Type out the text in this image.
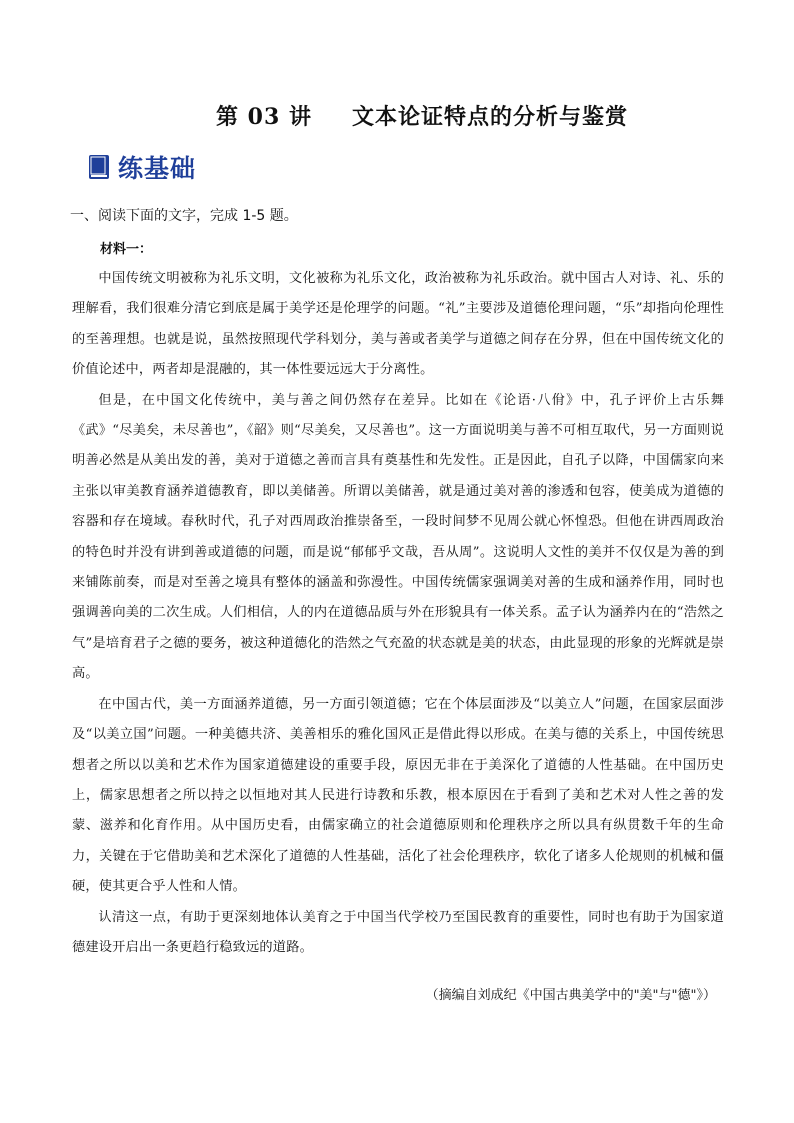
第 03 讲 文本论证特点的分析与鉴赏
练基础
一、阅读下面的文字，完成 1-5 题。
材料一：

中国传统文明被称为礼乐文明，文化被称为礼乐文化，政治被称为礼乐政治。就中国古人对诗、礼、乐的理解看，我们很难分清它到底是属于美学还是伦理学的问题。“礼”主要涉及道德伦理问题，“乐”却指向伦理性的至善理想。也就是说，虽然按照现代学科划分，美与善或者美学与道德之间存在分界，但在中国传统文化的价值论述中，两者却是混融的，其一体性要远远大于分离性。

但是，在中国文化传统中，美与善之间仍然存在差异。比如在《论语·八佾》中，孔子评价上古乐舞《武》“尽美矣，未尽善也”，《韶》则“尽美矣，又尽善也”。这一方面说明美与善不可相互取代，另一方面则说明善必然是从美出发的善，美对于道德之善而言具有奠基性和先发性。正是因此，自孔子以降，中国儒家向来主张以审美教育涵养道德教育，即以美储善。所谓以美储善，就是通过美对善的渗透和包容，使美成为道德的容器和存在境域。春秋时代，孔子对西周政治推崇备至，一段时间梦不见周公就心怀惶恐。但他在讲西周政治的特色时并没有讲到善或道德的问题，而是说“郁郁乎文哉，吾从周”。这说明人文性的美并不仅仅是为善的到来铺陈前奏，而是对至善之境具有整体的涵盖和弥漫性。中国传统儒家强调美对善的生成和涵养作用，同时也强调善向美的二次生成。人们相信，人的内在道德品质与外在形貌具有一体关系。孟子认为涵养内在的“浩然之气”是培育君子之德的要务，被这种道德化的浩然之气充盈的状态就是美的状态，由此显现的形象的光辉就是崇高。

在中国古代，美一方面涵养道德，另一方面引领道德；它在个体层面涉及“以美立人”问题，在国家层面涉及“以美立国”问题。一种美德共济、美善相乐的雅化国风正是借此得以形成。在美与德的关系上，中国传统思想者之所以以美和艺术作为国家道德建设的重要手段，原因无非在于美深化了道德的人性基础。在中国历史上，儒家思想者之所以持之以恒地对其人民进行诗教和乐教，根本原因在于看到了美和艺术对人性之善的发蒙、滋养和化育作用。从中国历史看，由儒家确立的社会道德原则和伦理秩序之所以具有纵贯数千年的生命力，关键在于它借助美和艺术深化了道德的人性基础，活化了社会伦理秩序，软化了诸多人伦规则的机械和僵硬，使其更合乎人性和人情。

认清这一点，有助于更深刻地体认美育之于中国当代学校乃至国民教育的重要性，同时也有助于为国家道德建设开启出一条更趋行稳致远的道路。

（摘编自刘成纪《中国古典美学中的"美"与"德"》）
